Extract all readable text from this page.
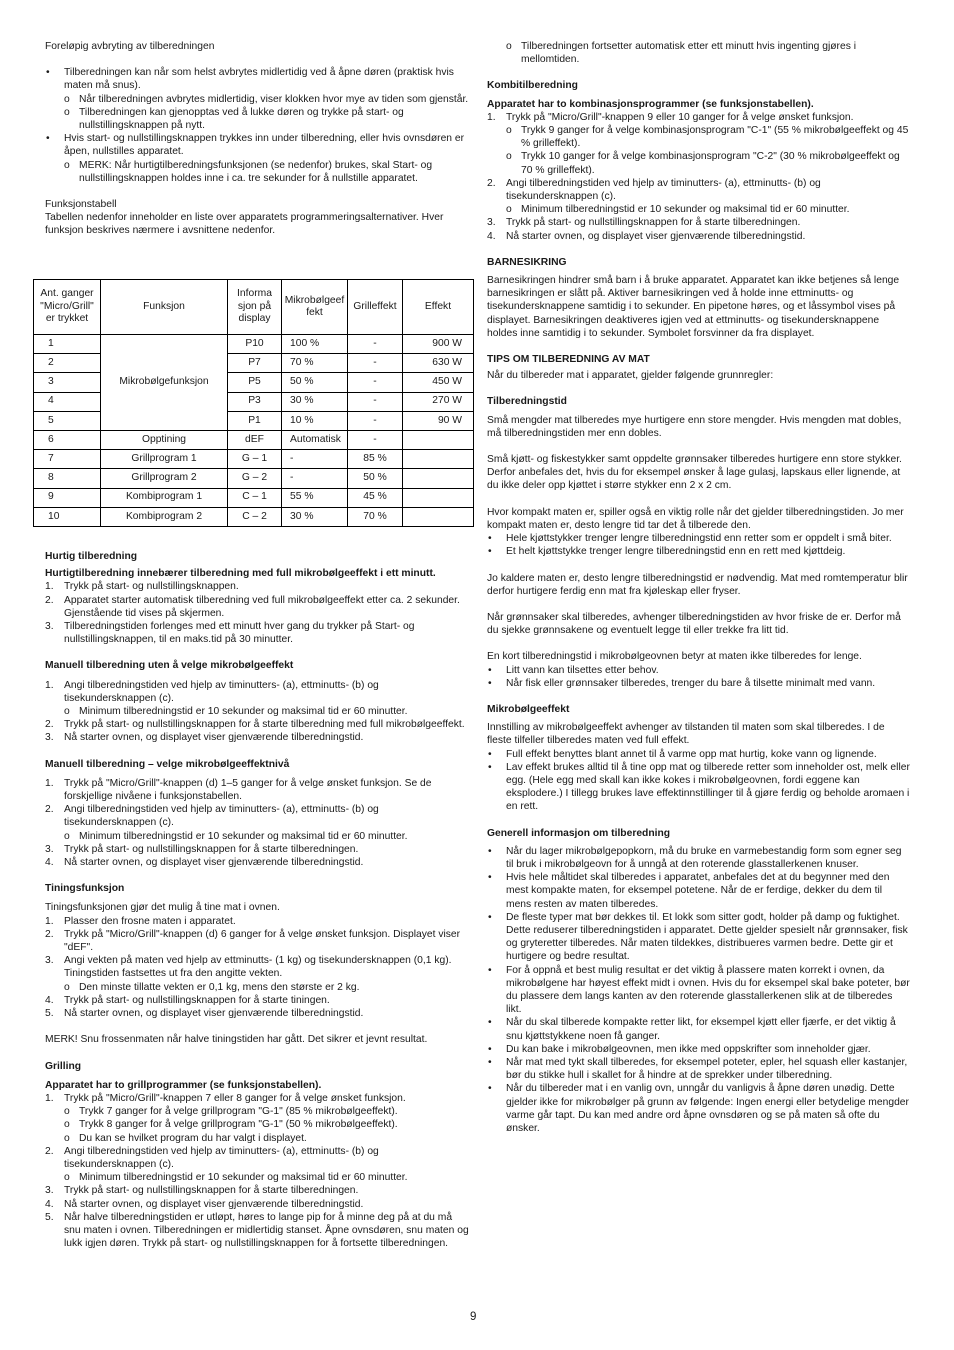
Foreløpig avbryting av tilberedningen

• Tilberedningen kan når som helst avbrytes midlertidig ved å åpne døren (praktisk hvis maten må snus).
o Når tilberedningen avbrytes midlertidig, viser klokken hvor mye av tiden som gjenstår.
o Tilberedningen kan gjenopptas ved å lukke døren og trykke på start- og nullstillingsknappen på nytt.
• Hvis start- og nullstillingsknappen trykkes inn under tilberedning, eller hvis ovnsdøren er åpen, nullstilles apparatet.
o MERK: Når hurtigtilberedningsfunksjonen (se nedenfor) brukes, skal Start- og nullstillingsknappen holdes inne i ca. tre sekunder for å nullstille apparatet.

Funksjonstabell

Tabellen nedenfor inneholder en liste over apparatets programmeringsalternativer. Hver funksjon beskrives nærmere i avsnittene nedenfor.

Ant. ganger "Micro/Grill" er trykket	Funksjon	Informa sjon på display	Mikrobølgeef fekt	Grilleffekt	Effekt
1	Mikrobølgefunksjon	P10	100 %	-	900 W
2		P7	70 %	-	630 W
3		P5	50 %	-	450 W
4		P3	30 %	-	270 W
5		P1	10 %	-	90 W
6	Opptining	dEF	Automatisk	-	
7	Grillprogram 1	G – 1	-	85 %	
8	Grillprogram 2	G – 2	-	50 %	
9	Kombiprogram 1	C – 1	55 %	45 %	
10	Kombiprogram 2	C – 2	30 %	70 %	

Hurtig tilberedning

Hurtigtilberedning innebærer tilberedning med full mikrobølgeeffekt i ett minutt.

1. Trykk på start- og nullstillingsknappen.
2. Apparatet starter automatisk tilberedning ved full mikrobølgeeffekt etter ca. 2 sekunder. Gjenstående tid vises på skjermen.
3. Tilberedningstiden forlenges med ett minutt hver gang du trykker på Start- og nullstillingsknappen, til en maks.tid på 30 minutter.

Manuell tilberedning uten å velge mikrobølgeeffekt

1. Angi tilberedningstiden ved hjelp av timinutters- (a), ettminutts- (b) og tisekundersknappen (c).
o Minimum tilberedningstid er 10 sekunder og maksimal tid er 60 minutter.
2. Trykk på start- og nullstillingsknappen for å starte tilberedning med full mikrobølgeeffekt.
3. Nå starter ovnen, og displayet viser gjenværende tilberedningstid.

Manuell tilberedning – velge mikrobølgeeffektnivå

1. Trykk på "Micro/Grill"-knappen (d) 1–5 ganger for å velge ønsket funksjon. Se de forskjellige nivåene i funksjonstabellen.
2. Angi tilberedningstiden ved hjelp av timinutters- (a), ettminutts- (b) og tisekundersknappen (c).
o Minimum tilberedningstid er 10 sekunder og maksimal tid er 60 minutter.
3. Trykk på start- og nullstillingsknappen for å starte tilberedningen.
4. Nå starter ovnen, og displayet viser gjenværende tilberedningstid.

Tiningsfunksjon

Tiningsfunksjonen gjør det mulig å tine mat i ovnen.

1. Plasser den frosne maten i apparatet.
2. Trykk på "Micro/Grill"-knappen (d) 6 ganger for å velge ønsket funksjon. Displayet viser "dEF".
3. Angi vekten på maten ved hjelp av ettminutts- (1 kg) og tisekundersknappen (0,1 kg). Tiningstiden fastsettes ut fra den angitte vekten.
o Den minste tillatte vekten er 0,1 kg, mens den største er 2 kg.
4. Trykk på start- og nullstillingsknappen for å starte tiningen.
5. Nå starter ovnen, og displayet viser gjenværende tilberedningstid.

MERK! Snu frossenmaten når halve tiningstiden har gått. Det sikrer et jevnt resultat.

Grilling

Apparatet har to grillprogrammer (se funksjonstabellen).

1. Trykk på "Micro/Grill"-knappen 7 eller 8 ganger for å velge ønsket funksjon.
o Trykk 7 ganger for å velge grillprogram "G-1" (85 % mikrobølgeeffekt).
o Trykk 8 ganger for å velge grillprogram "G-1" (50 % mikrobølgeeffekt).
o Du kan se hvilket program du har valgt i displayet.
2. Angi tilberedningstiden ved hjelp av timinutters- (a), ettminutts- (b) og tisekundersknappen (c).
o Minimum tilberedningstid er 10 sekunder og maksimal tid er 60 minutter.
3. Trykk på start- og nullstillingsknappen for å starte tilberedningen.
4. Nå starter ovnen, og displayet viser gjenværende tilberedningstid.
5. Når halve tilberedningstiden er utløpt, høres to lange pip for å minne deg på at du må snu maten i ovnen. Tilberedningen er midlertidig stanset. Åpne ovnsdøren, snu maten og lukk igjen døren. Trykk på start- og nullstillingsknappen for å fortsette tilberedningen.
o Tilberedningen fortsetter automatisk etter ett minutt hvis ingenting gjøres i mellomtiden.

Kombitilberedning

Apparatet har to kombinasjonsprogrammer (se funksjonstabellen).

1. Trykk på "Micro/Grill"-knappen 9 eller 10 ganger for å velge ønsket funksjon.
o Trykk 9 ganger for å velge kombinasjonsprogram "C-1" (55 % mikrobølgeeffekt og 45 % grilleffekt).
o Trykk 10 ganger for å velge kombinasjonsprogram "C-2" (30 % mikrobølgeeffekt og 70 % grilleffekt).
2. Angi tilberedningstiden ved hjelp av timinutters- (a), ettminutts- (b) og tisekundersknappen (c).
o Minimum tilberedningstid er 10 sekunder og maksimal tid er 60 minutter.
3. Trykk på start- og nullstillingsknappen for å starte tilberedningen.
4. Nå starter ovnen, og displayet viser gjenværende tilberedningstid.

BARNESIKRING

Barnesikringen hindrer små barn i å bruke apparatet. Apparatet kan ikke betjenes så lenge barnesikringen er slått på. Aktiver barnesikringen ved å holde inne ettminutts- og tisekundersknappene samtidig i to sekunder. En pipetone høres, og et låssymbol vises på displayet. Barnesikringen deaktiveres igjen ved at ettminutts- og tisekundersknappene holdes inne samtidig i to sekunder. Symbolet forsvinner da fra displayet.

TIPS OM TILBEREDNING AV MAT

Når du tilbereder mat i apparatet, gjelder følgende grunnregler:

Tilberedningstid

Små mengder mat tilberedes mye hurtigere enn store mengder. Hvis mengden mat dobles, må tilberedningstiden mer enn dobles.

Små kjøtt- og fiskestykker samt oppdelte grønnsaker tilberedes hurtigere enn store stykker. Derfor anbefales det, hvis du for eksempel ønsker å lage gulasj, lapskaus eller lignende, at du ikke deler opp kjøttet i større stykker enn 2 x 2 cm.

Hvor kompakt maten er, spiller også en viktig rolle når det gjelder tilberedningstiden. Jo mer kompakt maten er, desto lengre tid tar det å tilberede den.

• Hele kjøttstykker trenger lengre tilberedningstid enn retter som er oppdelt i små biter.
• Et helt kjøttstykke trenger lengre tilberedningstid enn en rett med kjøttdeig.

Jo kaldere maten er, desto lengre tilberedningstid er nødvendig. Mat med romtemperatur blir derfor hurtigere ferdig enn mat fra kjøleskap eller fryser.

Når grønnsaker skal tilberedes, avhenger tilberedningstiden av hvor friske de er. Derfor må du sjekke grønnsakene og eventuelt legge til eller trekke fra litt tid.

En kort tilberedningstid i mikrobølgeovnen betyr at maten ikke tilberedes for lenge.

• Litt vann kan tilsettes etter behov.
• Når fisk eller grønnsaker tilberedes, trenger du bare å tilsette minimalt med vann.

Mikrobølgeeffekt

Innstilling av mikrobølgeeffekt avhenger av tilstanden til maten som skal tilberedes. I de fleste tilfeller tilberedes maten ved full effekt.

• Full effekt benyttes blant annet til å varme opp mat hurtig, koke vann og lignende.
• Lav effekt brukes alltid til å tine opp mat og tilberede retter som inneholder ost, melk eller egg. (Hele egg med skall kan ikke kokes i mikrobølgeovnen, fordi eggene kan eksplodere.) I tillegg brukes lave effektinnstillinger til å gjøre ferdig og beholde aromaen i en rett.

Generell informasjon om tilberedning

• Når du lager mikrobølgepopkorn, må du bruke en varmebestandig form som egner seg til bruk i mikrobølgeovn for å unngå at den roterende glasstallerkenen knuser.
• Hvis hele måltidet skal tilberedes i apparatet, anbefales det at du begynner med den mest kompakte maten, for eksempel potetene. Når de er ferdige, dekker du dem til mens resten av maten tilberedes.
• De fleste typer mat bør dekkes til. Et lokk som sitter godt, holder på damp og fuktighet. Dette reduserer tilberedningstiden i apparatet. Dette gjelder spesielt når grønnsaker, fisk og gryteretter tilberedes. Når maten tildekkes, distribueres varmen bedre. Dette gir et hurtigere og bedre resultat.
• For å oppnå et best mulig resultat er det viktig å plassere maten korrekt i ovnen, da mikrobølgene har høyest effekt midt i ovnen. Hvis du for eksempel skal bake poteter, bør du plassere dem langs kanten av den roterende glasstallerkenen slik at de tilberedes likt.
• Når du skal tilberede kompakte retter likt, for eksempel kjøtt eller fjærfe, er det viktig å snu kjøttstykkene noen få ganger.
• Du kan bake i mikrobølgeovnen, men ikke med oppskrifter som inneholder gjær.
• Når mat med tykt skall tilberedes, for eksempel poteter, epler, hel squash eller kastanjer, bør du stikke hull i skallet for å hindre at de sprekker under tilberedning.
• Når du tilbereder mat i en vanlig ovn, unngår du vanligvis å åpne døren unødig. Dette gjelder ikke for mikrobølger på grunn av følgende: Ingen energi eller betydelige mengder varme går tapt. Du kan med andre ord åpne ovnsdøren og se på maten så ofte du ønsker.
9
